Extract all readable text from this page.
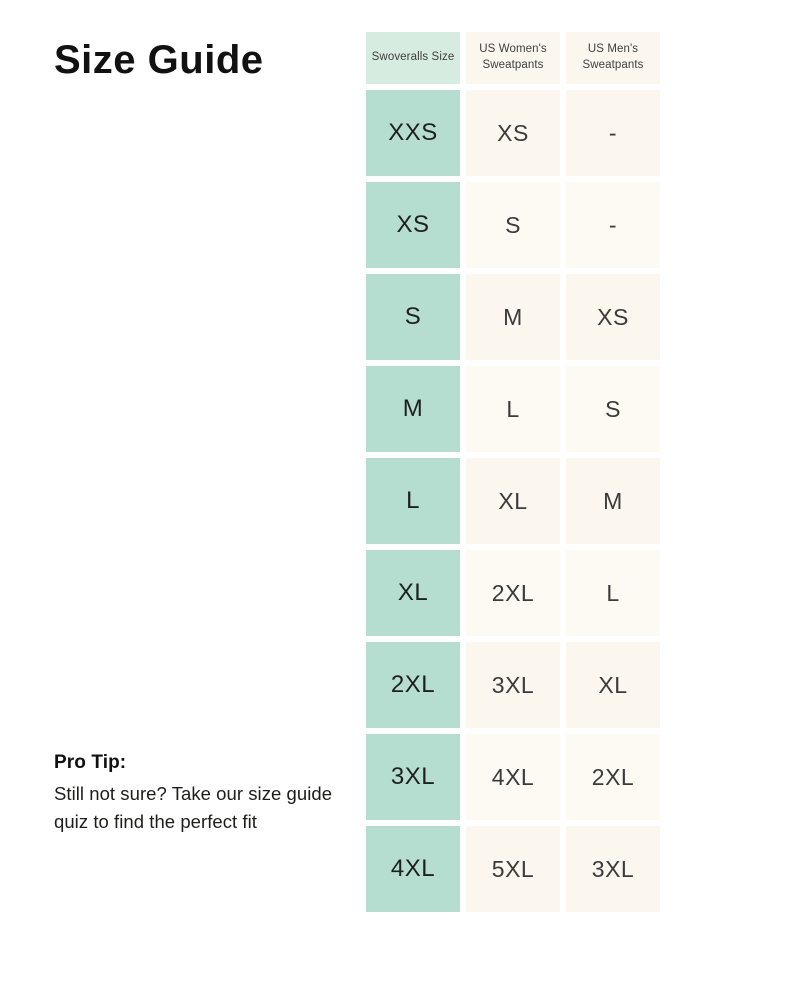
Size Guide
Pro Tip:
Still not sure? Take our size guide quiz to find the perfect fit
Swoveralls Size	US Women's Sweatpants	US Men's Sweatpants
XXS	XS	-
XS	S	-
S	M	XS
M	L	S
L	XL	M
XL	2XL	L
2XL	3XL	XL
3XL	4XL	2XL
4XL	5XL	3XL
